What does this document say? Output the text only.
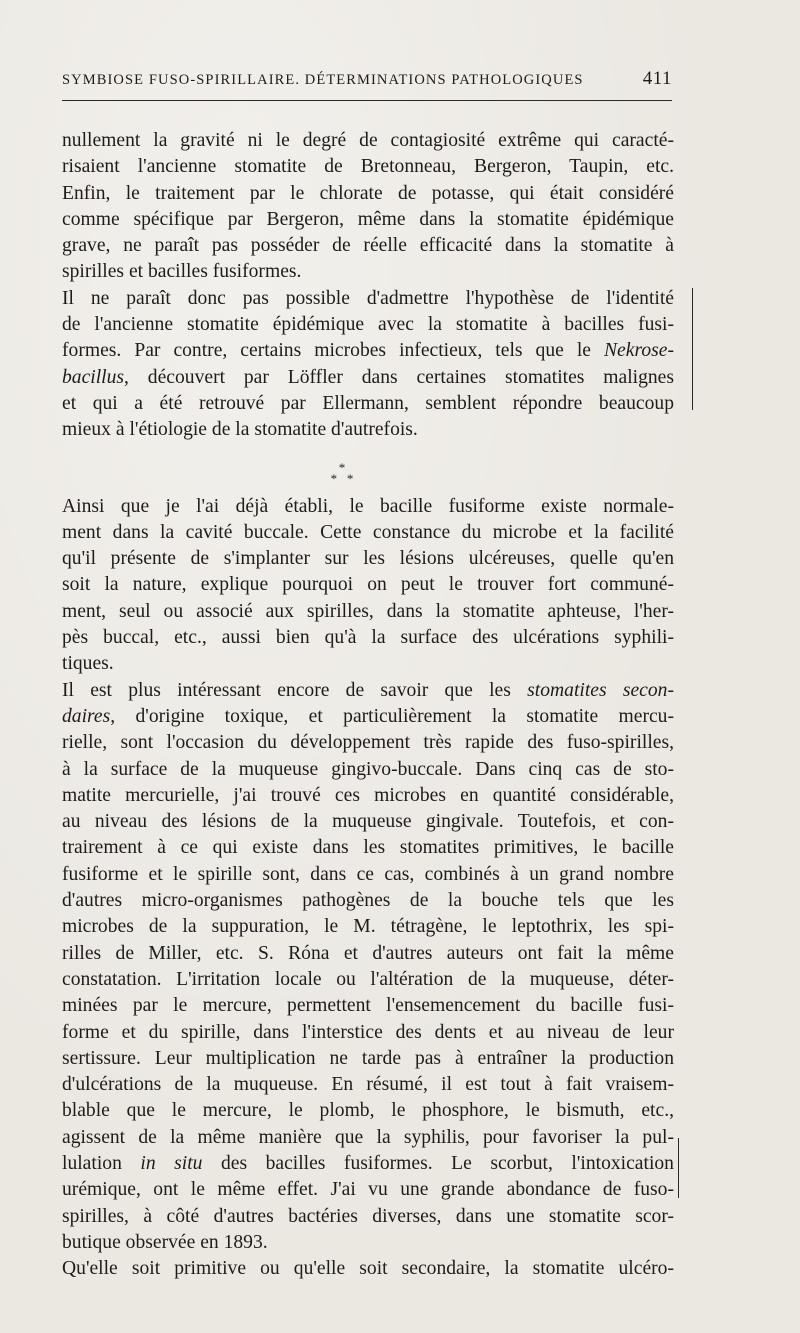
SYMBIOSE FUSO-SPIRILLAIRE. DÉTERMINATIONS PATHOLOGIQUES	411

nullement la gravité ni le degré de contagiosité extrême qui caracté-
risaient l'ancienne stomatite de Bretonneau, Bergeron, Taupin, etc.
Enfin, le traitement par le chlorate de potasse, qui était considéré
comme spécifique par Bergeron, même dans la stomatite épidémique
grave, ne paraît pas posséder de réelle efficacité dans la stomatite à
spirilles et bacilles fusiformes.

Il ne paraît donc pas possible d'admettre l'hypothèse de l'identité
de l'ancienne stomatite épidémique avec la stomatite à bacilles fusi-
formes. Par contre, certains microbes infectieux, tels que le Nekrose-
bacillus, découvert par Löffler dans certaines stomatites malignes
et qui a été retrouvé par Ellermann, semblent répondre beaucoup
mieux à l'étiologie de la stomatite d'autrefois.

*
*   *

Ainsi que je l'ai déjà établi, le bacille fusiforme existe normale-
ment dans la cavité buccale. Cette constance du microbe et la facilité
qu'il présente de s'implanter sur les lésions ulcéreuses, quelle qu'en
soit la nature, explique pourquoi on peut le trouver fort communé-
ment, seul ou associé aux spirilles, dans la stomatite aphteuse, l'her-
pès buccal, etc., aussi bien qu'à la surface des ulcérations syphili-
tiques.

Il est plus intéressant encore de savoir que les stomatites secon-
daires, d'origine toxique, et particulièrement la stomatite mercu-
rielle, sont l'occasion du développement très rapide des fuso-spirilles,
à la surface de la muqueuse gingivo-buccale. Dans cinq cas de sto-
matite mercurielle, j'ai trouvé ces microbes en quantité considérable,
au niveau des lésions de la muqueuse gingivale. Toutefois, et con-
trairement à ce qui existe dans les stomatites primitives, le bacille
fusiforme et le spirille sont, dans ce cas, combinés à un grand nombre
d'autres micro-organismes pathogènes de la bouche tels que les
microbes de la suppuration, le M. tétragène, le leptothrix, les spi-
rilles de Miller, etc. S. Róna et d'autres auteurs ont fait la même
constatation. L'irritation locale ou l'altération de la muqueuse, déter-
minées par le mercure, permettent l'ensemencement du bacille fusi-
forme et du spirille, dans l'interstice des dents et au niveau de leur
sertissure. Leur multiplication ne tarde pas à entraîner la production
d'ulcérations de la muqueuse. En résumé, il est tout à fait vraisem-
blable que le mercure, le plomb, le phosphore, le bismuth, etc.,
agissent de la même manière que la syphilis, pour favoriser la pul-
lulation in situ des bacilles fusiformes. Le scorbut, l'intoxication
urémique, ont le même effet. J'ai vu une grande abondance de fuso-
spirilles, à côté d'autres bactéries diverses, dans une stomatite scor-
butique observée en 1893.

Qu'elle soit primitive ou qu'elle soit secondaire, la stomatite ulcéro-
